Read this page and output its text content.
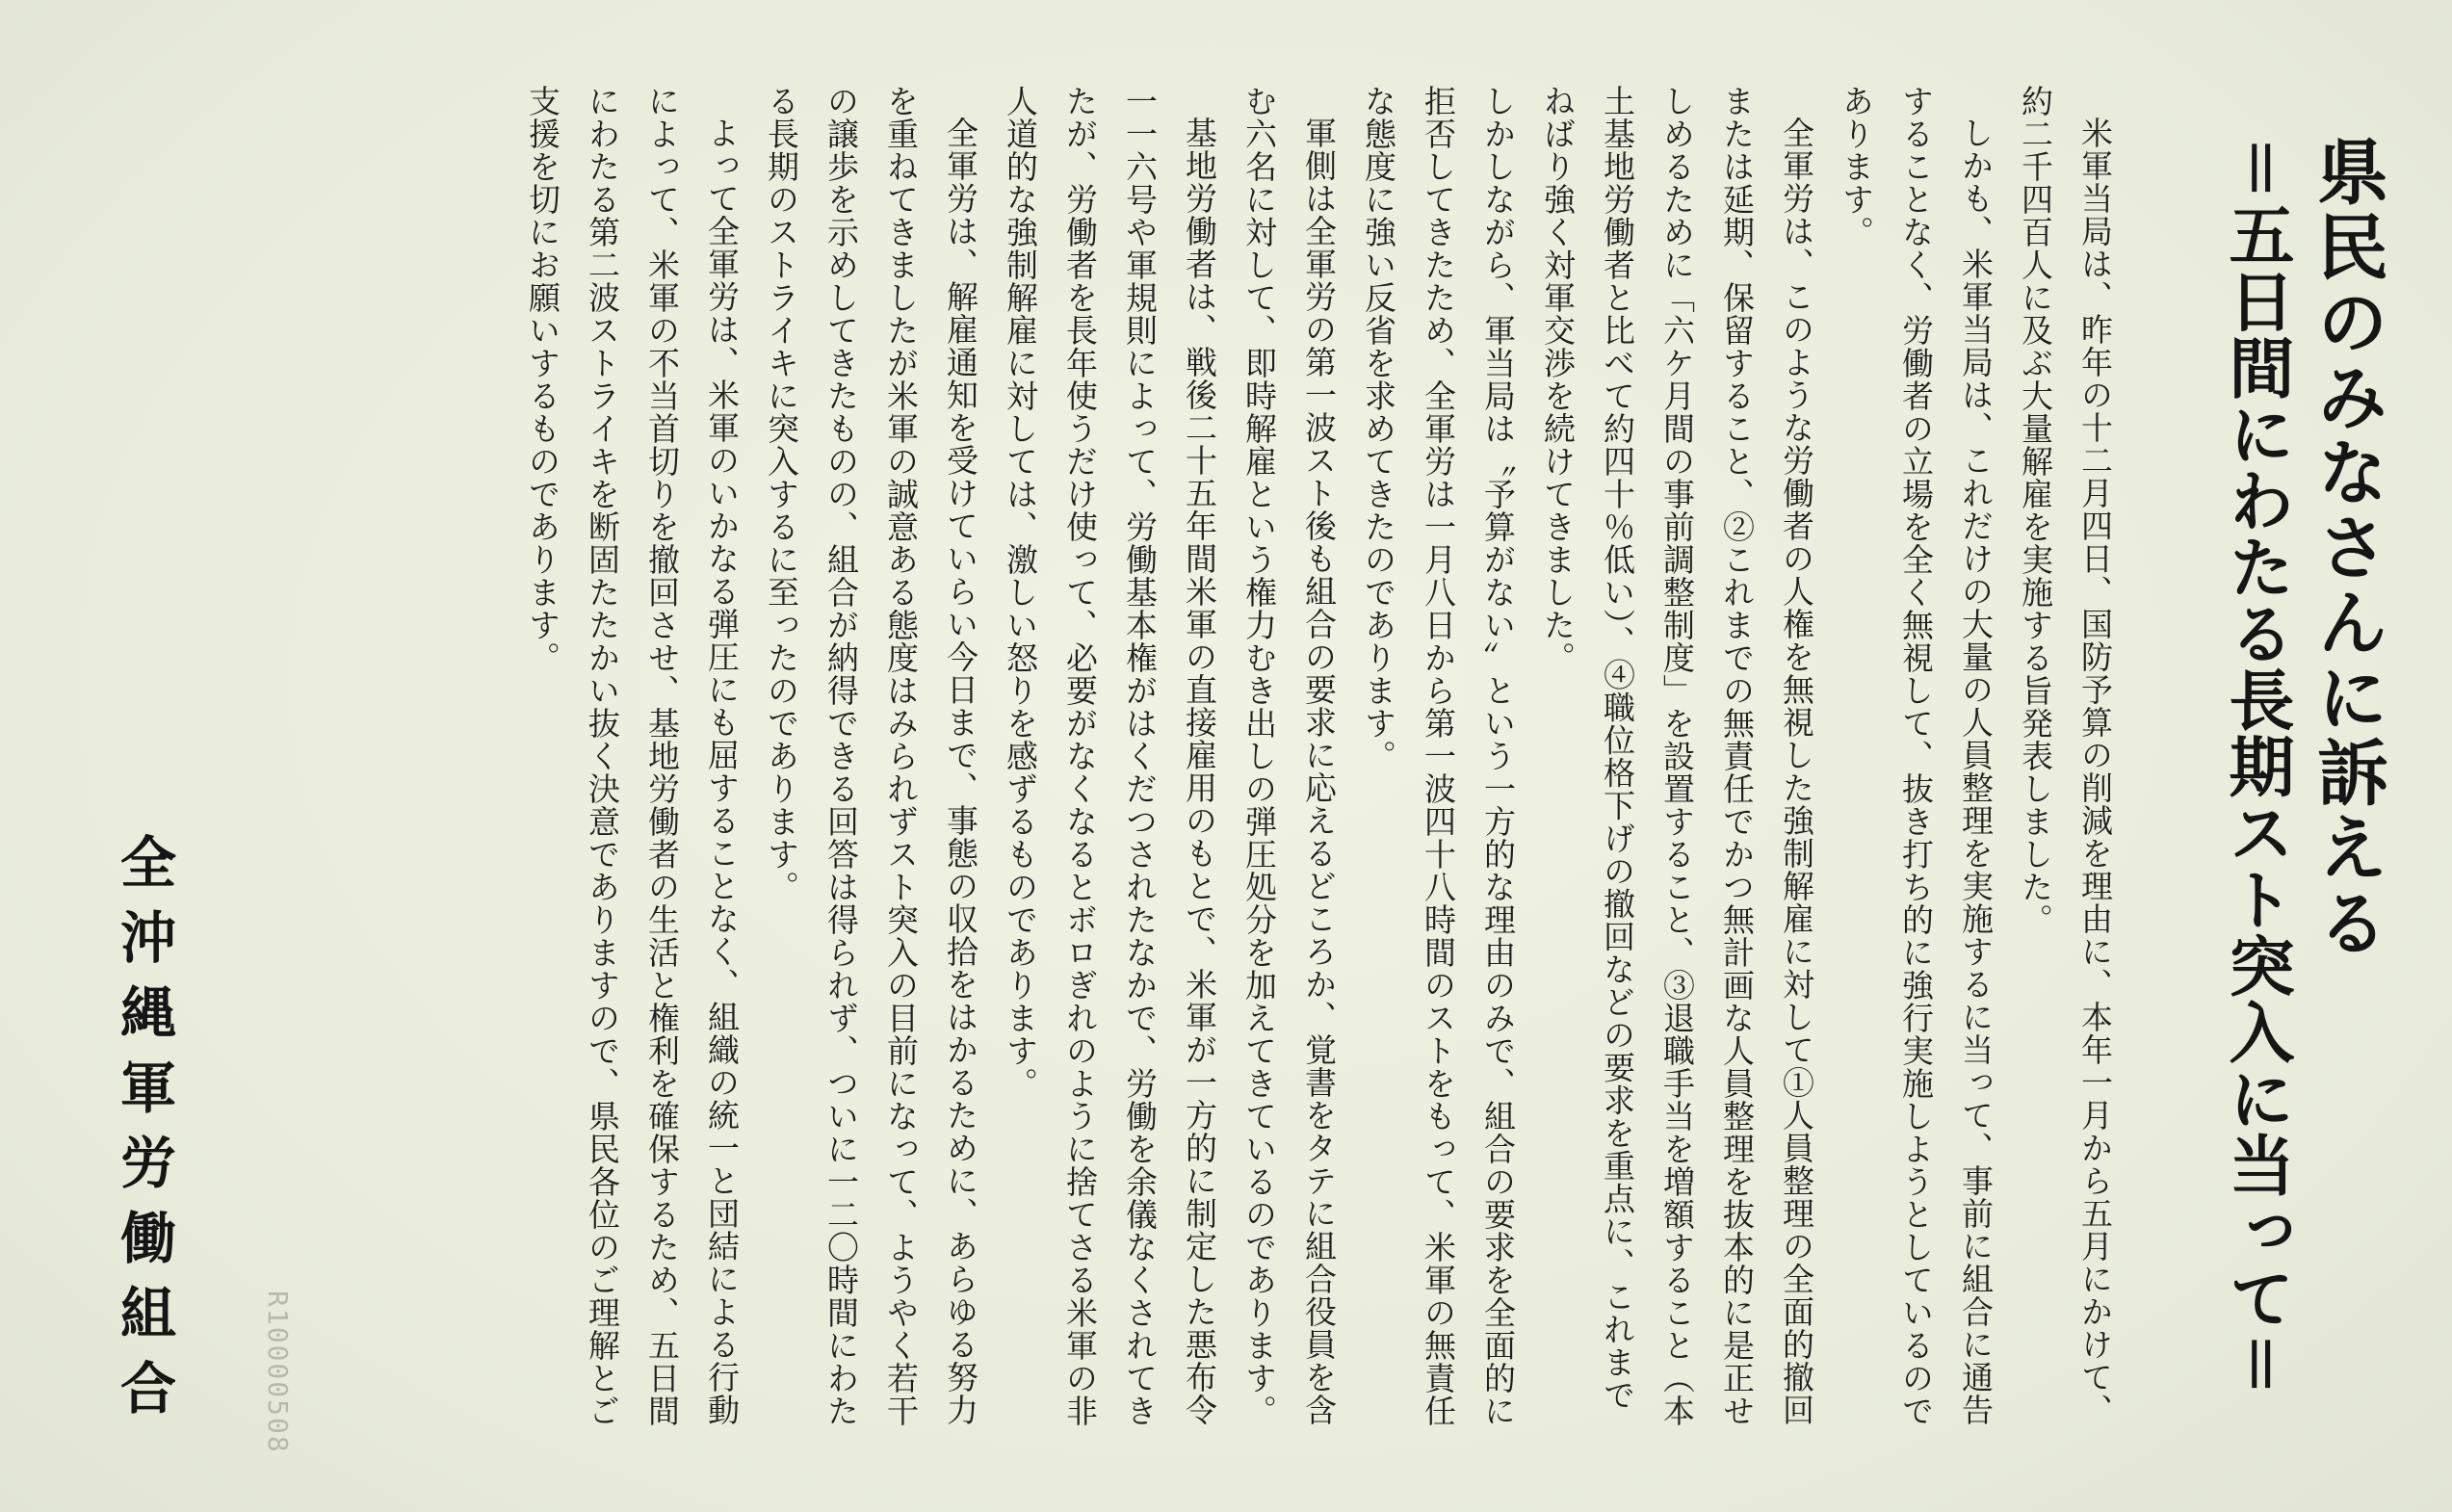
県民のみなさんに訴える
＝五日間にわたる長期スト突入に当って＝

米軍当局は、昨年の十二月四日、国防予算の削減を理由に、本年一月から五月にかけて、約二千四百人に及ぶ大量解雇を実施する旨発表しました。

しかも、米軍当局は、これだけの大量の人員整理を実施するに当って、事前に組合に通告することなく、労働者の立場を全く無視して、抜き打ち的に強行実施しようとしているのであります。

全軍労は、このような労働者の人権を無視した強制解雇に対して①人員整理の全面的撤回または延期、保留すること、②これまでの無責任でかつ無計画な人員整理を抜本的に是正せしめるために「六ケ月間の事前調整制度」を設置すること、③退職手当を増額すること（本土基地労働者と比べて約四十％低い）、④職位格下げの撤回などの要求を重点に、これまでねばり強く対軍交渉を続けてきました。

しかしながら、軍当局は〝予算がない〟という一方的な理由のみで、組合の要求を全面的に拒否してきたため、全軍労は一月八日から第一波四十八時間のストをもって、米軍の無責任な態度に強い反省を求めてきたのであります。

軍側は全軍労の第一波スト後も組合の要求に応えるどころか、覚書をタテに組合役員を含む六名に対して、即時解雇という権力むき出しの弾圧処分を加えてきているのであります。

基地労働者は、戦後二十五年間米軍の直接雇用のもとで、米軍が一方的に制定した悪布令一一六号や軍規則によって、労働基本権がはくだつされたなかで、労働を余儀なくされてきたが、労働者を長年使うだけ使って、必要がなくなるとボロぎれのように捨てさる米軍の非人道的な強制解雇に対しては、激しい怒りを感ずるものであります。

全軍労は、解雇通知を受けていらい今日まで、事態の収拾をはかるために、あらゆる努力を重ねてきましたが米軍の誠意ある態度はみられずスト突入の目前になって、ようやく若干の譲歩を示めしてきたものの、組合が納得できる回答は得られず、ついに一二〇時間にわたる長期のストライキに突入するに至ったのであります。

よって全軍労は、米軍のいかなる弾圧にも屈することなく、組織の統一と団結による行動によって、米軍の不当首切りを撤回させ、基地労働者の生活と権利を確保するため、五日間にわたる第二波ストライキを断固たたかい抜く決意でありますので、県民各位のご理解とご支援を切にお願いするものであります。

全沖縄軍労働組合	R10000508
